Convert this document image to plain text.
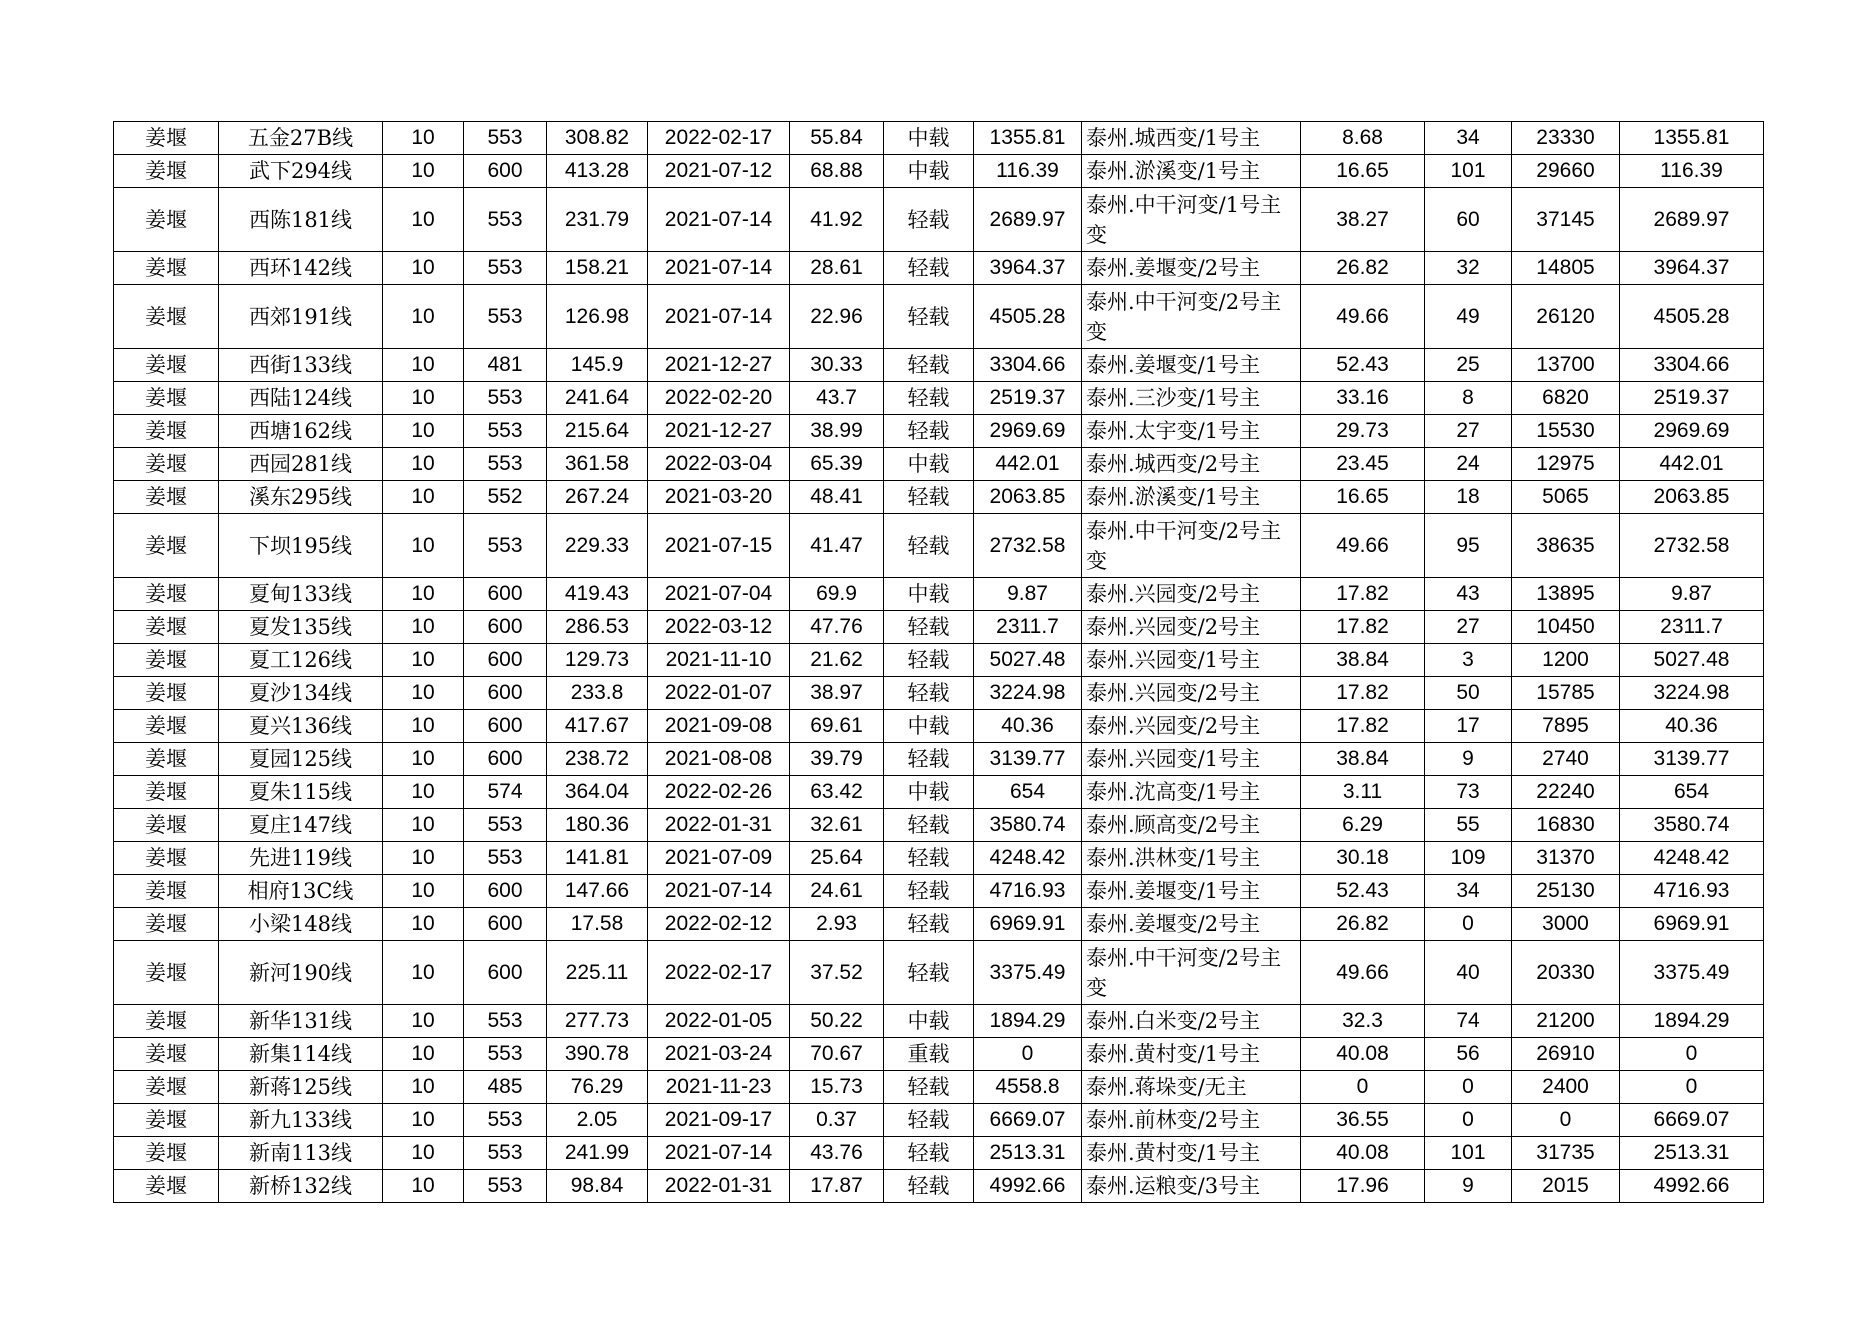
姜堰	五金27B线	10	553	308.82	2022-02-17	55.84	中载	1355.81	泰州.城西变/1号主	8.68	34	23330	1355.81
姜堰	武下294线	10	600	413.28	2021-07-12	68.88	中载	116.39	泰州.淤溪变/1号主	16.65	101	29660	116.39
姜堰	西陈181线	10	553	231.79	2021-07-14	41.92	轻载	2689.97	泰州.中干河变/1号主变	38.27	60	37145	2689.97
姜堰	西环142线	10	553	158.21	2021-07-14	28.61	轻载	3964.37	泰州.姜堰变/2号主	26.82	32	14805	3964.37
姜堰	西郊191线	10	553	126.98	2021-07-14	22.96	轻载	4505.28	泰州.中干河变/2号主变	49.66	49	26120	4505.28
姜堰	西街133线	10	481	145.9	2021-12-27	30.33	轻载	3304.66	泰州.姜堰变/1号主	52.43	25	13700	3304.66
姜堰	西陆124线	10	553	241.64	2022-02-20	43.7	轻载	2519.37	泰州.三沙变/1号主	33.16	8	6820	2519.37
姜堰	西塘162线	10	553	215.64	2021-12-27	38.99	轻载	2969.69	泰州.太宇变/1号主	29.73	27	15530	2969.69
姜堰	西园281线	10	553	361.58	2022-03-04	65.39	中载	442.01	泰州.城西变/2号主	23.45	24	12975	442.01
姜堰	溪东295线	10	552	267.24	2021-03-20	48.41	轻载	2063.85	泰州.淤溪变/1号主	16.65	18	5065	2063.85
姜堰	下坝195线	10	553	229.33	2021-07-15	41.47	轻载	2732.58	泰州.中干河变/2号主变	49.66	95	38635	2732.58
姜堰	夏甸133线	10	600	419.43	2021-07-04	69.9	中载	9.87	泰州.兴园变/2号主	17.82	43	13895	9.87
姜堰	夏发135线	10	600	286.53	2022-03-12	47.76	轻载	2311.7	泰州.兴园变/2号主	17.82	27	10450	2311.7
姜堰	夏工126线	10	600	129.73	2021-11-10	21.62	轻载	5027.48	泰州.兴园变/1号主	38.84	3	1200	5027.48
姜堰	夏沙134线	10	600	233.8	2022-01-07	38.97	轻载	3224.98	泰州.兴园变/2号主	17.82	50	15785	3224.98
姜堰	夏兴136线	10	600	417.67	2021-09-08	69.61	中载	40.36	泰州.兴园变/2号主	17.82	17	7895	40.36
姜堰	夏园125线	10	600	238.72	2021-08-08	39.79	轻载	3139.77	泰州.兴园变/1号主	38.84	9	2740	3139.77
姜堰	夏朱115线	10	574	364.04	2022-02-26	63.42	中载	654	泰州.沈高变/1号主	3.11	73	22240	654
姜堰	夏庄147线	10	553	180.36	2022-01-31	32.61	轻载	3580.74	泰州.顾高变/2号主	6.29	55	16830	3580.74
姜堰	先进119线	10	553	141.81	2021-07-09	25.64	轻载	4248.42	泰州.洪林变/1号主	30.18	109	31370	4248.42
姜堰	相府13C线	10	600	147.66	2021-07-14	24.61	轻载	4716.93	泰州.姜堰变/1号主	52.43	34	25130	4716.93
姜堰	小梁148线	10	600	17.58	2022-02-12	2.93	轻载	6969.91	泰州.姜堰变/2号主	26.82	0	3000	6969.91
姜堰	新河190线	10	600	225.11	2022-02-17	37.52	轻载	3375.49	泰州.中干河变/2号主变	49.66	40	20330	3375.49
姜堰	新华131线	10	553	277.73	2022-01-05	50.22	中载	1894.29	泰州.白米变/2号主	32.3	74	21200	1894.29
姜堰	新集114线	10	553	390.78	2021-03-24	70.67	重载	0	泰州.黄村变/1号主	40.08	56	26910	0
姜堰	新蒋125线	10	485	76.29	2021-11-23	15.73	轻载	4558.8	泰州.蒋垛变/无主	0	0	2400	0
姜堰	新九133线	10	553	2.05	2021-09-17	0.37	轻载	6669.07	泰州.前林变/2号主	36.55	0	0	6669.07
姜堰	新南113线	10	553	241.99	2021-07-14	43.76	轻载	2513.31	泰州.黄村变/1号主	40.08	101	31735	2513.31
姜堰	新桥132线	10	553	98.84	2022-01-31	17.87	轻载	4992.66	泰州.运粮变/3号主	17.96	9	2015	4992.66
